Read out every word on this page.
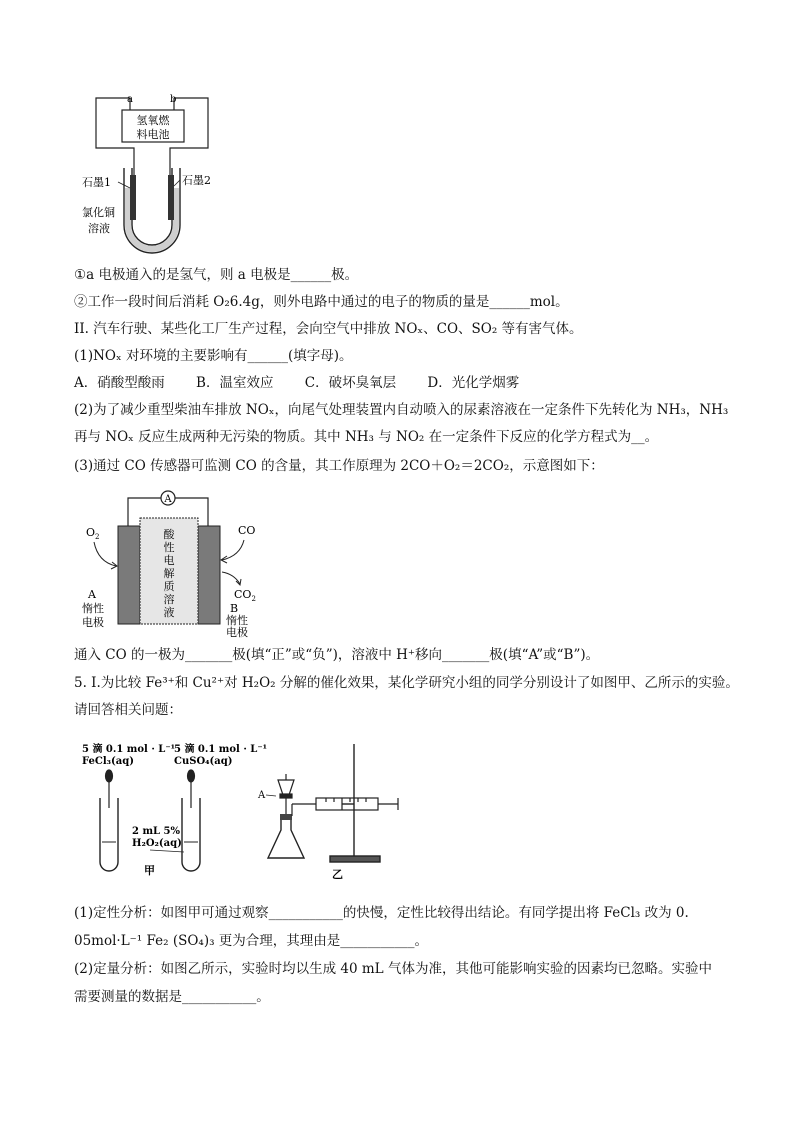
a	b
氢氧燃
料电池
石墨1	石墨2
氯化铜
溶液
①a 电极通入的是氢气，则 a 电极是______极。
②工作一段时间后消耗 O₂6.4g，则外电路中通过的电子的物质的量是______mol。
II. 汽车行驶、某些化工厂生产过程，会向空气中排放 NOₓ、CO、SO₂ 等有害气体。
(1)NOₓ 对环境的主要影响有______(填字母)。
A．硝酸型酸雨　　 B．温室效应　　 C．破坏臭氧层　　 D．光化学烟雾
(2)为了减少重型柴油车排放 NOₓ，向尾气处理装置内自动喷入的尿素溶液在一定条件下先转化为 NH₃，NH₃
再与 NOₓ 反应生成两种无污染的物质。其中 NH₃ 与 NO₂ 在一定条件下反应的化学方程式为__。
(3)通过 CO 传感器可监测 CO 的含量，其工作原理为 2CO＋O₂＝2CO₂，示意图如下：
A
酸
性
电
解
质
溶
液
$O_2$	CO
$CO_2$
A
惰性
电极
B
惰性
电极
通入 CO 的一极为_______极(填“正”或“负”)，溶液中 H⁺移向_______极(填“A”或“B”)。
5. I.为比较 Fe³⁺和 Cu²⁺对 H₂O₂ 分解的催化效果，某化学研究小组的同学分别设计了如图甲、乙所示的实验。
请回答相关问题：
5 滴 0.1 mol · L⁻¹
FeCl₃(aq)
5 滴 0.1 mol · L⁻¹
CuSO₄(aq)
2 mL 5%
H₂O₂(aq)
甲
A
乙
(1)定性分析：如图甲可通过观察___________的快慢，定性比较得出结论。有同学提出将 FeCl₃ 改为 0.
05mol·L⁻¹ Fe₂ (SO₄)₃ 更为合理，其理由是___________。
(2)定量分析：如图乙所示，实验时均以生成 40 mL 气体为准，其他可能影响实验的因素均已忽略。实验中
需要测量的数据是___________。
